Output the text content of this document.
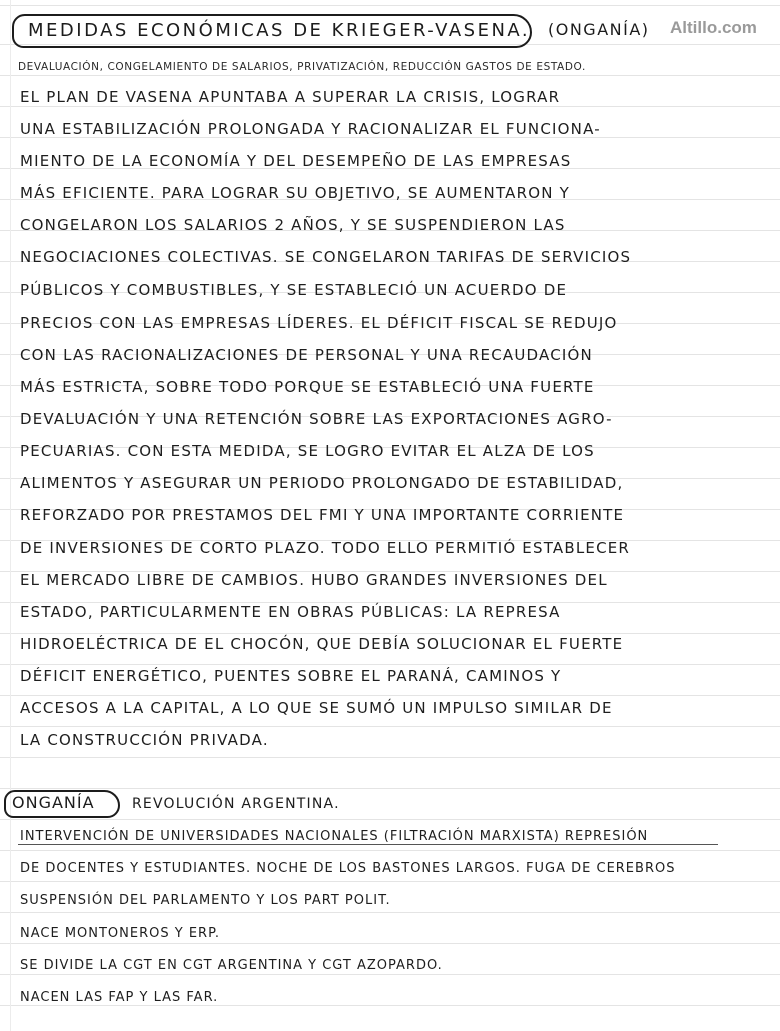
MEDIDAS ECONÓMICAS DE KRIEGER-VASENA. (ONGANÍA) Altillo.com
DEVALUACIÓN, CONGELAMIENTO DE SALARIOS, PRIVATIZACIÓN, REDUCCIÓN GASTOS DE ESTADO.

EL PLAN DE VASENA APUNTABA A SUPERAR LA CRISIS, LOGRAR

UNA ESTABILIZACIÓN PROLONGADA Y RACIONALIZAR EL FUNCIONA-

MIENTO DE LA ECONOMÍA Y DEL DESEMPEÑO DE LAS EMPRESAS

MÁS EFICIENTE. PARA LOGRAR SU OBJETIVO, SE AUMENTARON Y

CONGELARON LOS SALARIOS 2 AÑOS, Y SE SUSPENDIERON LAS

NEGOCIACIONES COLECTIVAS. SE CONGELARON TARIFAS DE SERVICIOS

PÚBLICOS Y COMBUSTIBLES, Y SE ESTABLECIÓ UN ACUERDO DE

PRECIOS CON LAS EMPRESAS LÍDERES. EL DÉFICIT FISCAL SE REDUJO

CON LAS RACIONALIZACIONES DE PERSONAL Y UNA RECAUDACIÓN

MÁS ESTRICTA, SOBRE TODO PORQUE SE ESTABLECIÓ UNA FUERTE

DEVALUACIÓN Y UNA RETENCIÓN SOBRE LAS EXPORTACIONES AGRO-

PECUARIAS. CON ESTA MEDIDA, SE LOGRO EVITAR EL ALZA DE LOS

ALIMENTOS Y ASEGURAR UN PERIODO PROLONGADO DE ESTABILIDAD,

REFORZADO POR PRESTAMOS DEL FMI Y UNA IMPORTANTE CORRIENTE

DE INVERSIONES DE CORTO PLAZO. TODO ELLO PERMITIÓ ESTABLECER

EL MERCADO LIBRE DE CAMBIOS. HUBO GRANDES INVERSIONES DEL

ESTADO, PARTICULARMENTE EN OBRAS PÚBLICAS: LA REPRESA

HIDROELÉCTRICA DE EL CHOCÓN, QUE DEBÍA SOLUCIONAR EL FUERTE

DÉFICIT ENERGÉTICO, PUENTES SOBRE EL PARANÁ, CAMINOS Y

ACCESOS A LA CAPITAL, A LO QUE SE SUMÓ UN IMPULSO SIMILAR DE

LA CONSTRUCCIÓN PRIVADA.

ONGANÍA	REVOLUCIÓN ARGENTINA.

INTERVENCIÓN DE UNIVERSIDADES NACIONALES (FILTRACIÓN MARXISTA) REPRESIÓN

DE DOCENTES Y ESTUDIANTES. NOCHE DE LOS BASTONES LARGOS. FUGA DE CEREBROS

SUSPENSIÓN DEL PARLAMENTO Y LOS PART POLIT.

NACE MONTONEROS Y ERP.

SE DIVIDE LA CGT EN CGT ARGENTINA Y CGT AZOPARDO.

NACEN LAS FAP Y LAS FAR.
